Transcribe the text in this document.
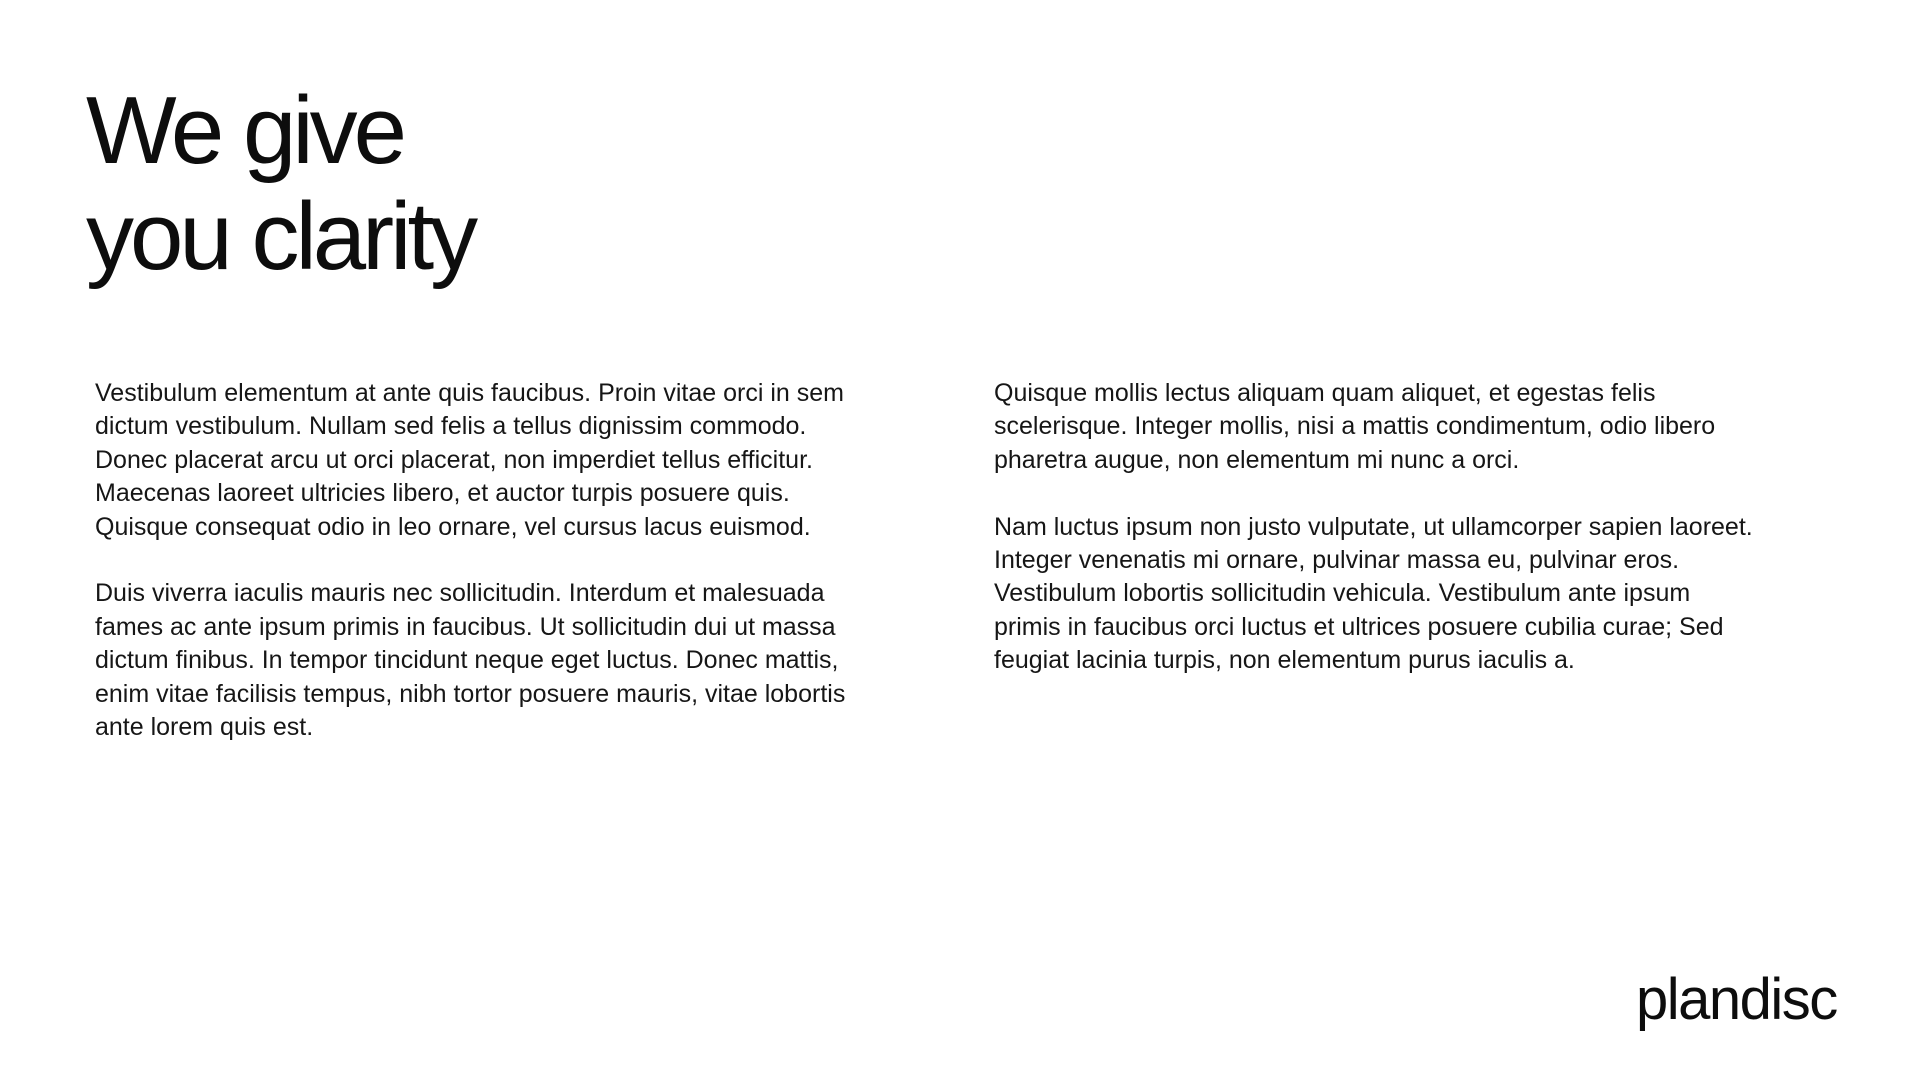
We give
you clarity

Vestibulum elementum at ante quis faucibus. Proin vitae orci in sem
dictum vestibulum. Nullam sed felis a tellus dignissim commodo.
Donec placerat arcu ut orci placerat, non imperdiet tellus efficitur.
Maecenas laoreet ultricies libero, et auctor turpis posuere quis.
Quisque consequat odio in leo ornare, vel cursus lacus euismod.

Duis viverra iaculis mauris nec sollicitudin. Interdum et malesuada
fames ac ante ipsum primis in faucibus. Ut sollicitudin dui ut massa
dictum finibus. In tempor tincidunt neque eget luctus. Donec mattis,
enim vitae facilisis tempus, nibh tortor posuere mauris, vitae lobortis
ante lorem quis est.

Quisque mollis lectus aliquam quam aliquet, et egestas felis
scelerisque. Integer mollis, nisi a mattis condimentum, odio libero
pharetra augue, non elementum mi nunc a orci.

Nam luctus ipsum non justo vulputate, ut ullamcorper sapien laoreet.
Integer venenatis mi ornare, pulvinar massa eu, pulvinar eros.
Vestibulum lobortis sollicitudin vehicula. Vestibulum ante ipsum
primis in faucibus orci luctus et ultrices posuere cubilia curae; Sed
feugiat lacinia turpis, non elementum purus iaculis a.

plandisc
